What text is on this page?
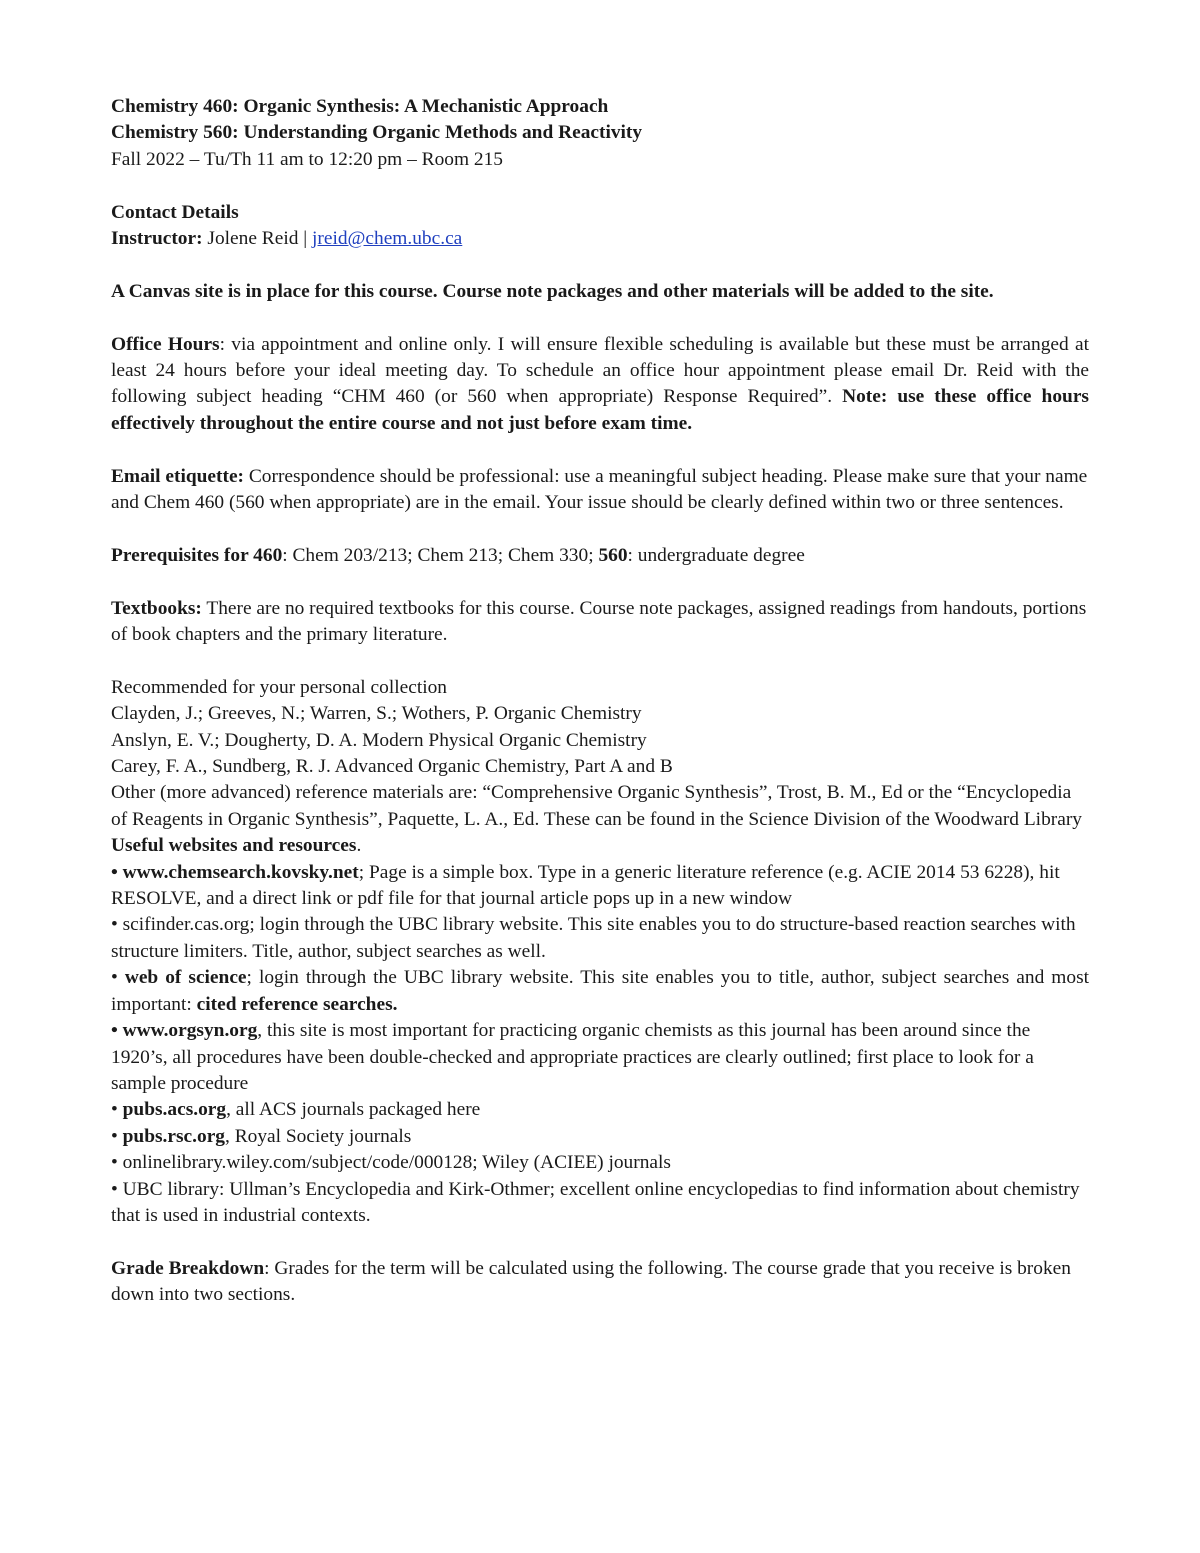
Chemistry 460: Organic Synthesis: A Mechanistic Approach

Chemistry 560: Understanding Organic Methods and Reactivity

Fall 2022 – Tu/Th 11 am to 12:20 pm – Room 215

Contact Details

Instructor: Jolene Reid | jreid@chem.ubc.ca

A Canvas site is in place for this course. Course note packages and other materials will be added to the site.

Office Hours: via appointment and online only. I will ensure flexible scheduling is available but these must be arranged at least 24 hours before your ideal meeting day. To schedule an office hour appointment please email Dr. Reid with the following subject heading “CHM 460 (or 560 when appropriate) Response Required”. Note: use these office hours effectively throughout the entire course and not just before exam time.

Email etiquette: Correspondence should be professional: use a meaningful subject heading. Please make sure that your name and Chem 460 (560 when appropriate) are in the email. Your issue should be clearly defined within two or three sentences.

Prerequisites for 460: Chem 203/213; Chem 213; Chem 330; 560: undergraduate degree

Textbooks: There are no required textbooks for this course. Course note packages, assigned readings from handouts, portions of book chapters and the primary literature.

Recommended for your personal collection

Clayden, J.; Greeves, N.; Warren, S.; Wothers, P. Organic Chemistry

Anslyn, E. V.; Dougherty, D. A. Modern Physical Organic Chemistry

Carey, F. A., Sundberg, R. J. Advanced Organic Chemistry, Part A and B

Other (more advanced) reference materials are: “Comprehensive Organic Synthesis”, Trost, B. M., Ed or the “Encyclopedia of Reagents in Organic Synthesis”, Paquette, L. A., Ed. These can be found in the Science Division of the Woodward Library

Useful websites and resources.

• www.chemsearch.kovsky.net; Page is a simple box. Type in a generic literature reference (e.g. ACIE 2014 53 6228), hit RESOLVE, and a direct link or pdf file for that journal article pops up in a new window

• scifinder.cas.org; login through the UBC library website. This site enables you to do structure-based reaction searches with structure limiters. Title, author, subject searches as well.

• web of science; login through the UBC library website. This site enables you to title, author, subject searches and most important: cited reference searches.

• www.orgsyn.org, this site is most important for practicing organic chemists as this journal has been around since the 1920’s, all procedures have been double-checked and appropriate practices are clearly outlined; first place to look for a sample procedure

• pubs.acs.org, all ACS journals packaged here

• pubs.rsc.org, Royal Society journals

• onlinelibrary.wiley.com/subject/code/000128; Wiley (ACIEE) journals

• UBC library: Ullman’s Encyclopedia and Kirk-Othmer; excellent online encyclopedias to find information about chemistry that is used in industrial contexts.

Grade Breakdown: Grades for the term will be calculated using the following. The course grade that you receive is broken down into two sections.
